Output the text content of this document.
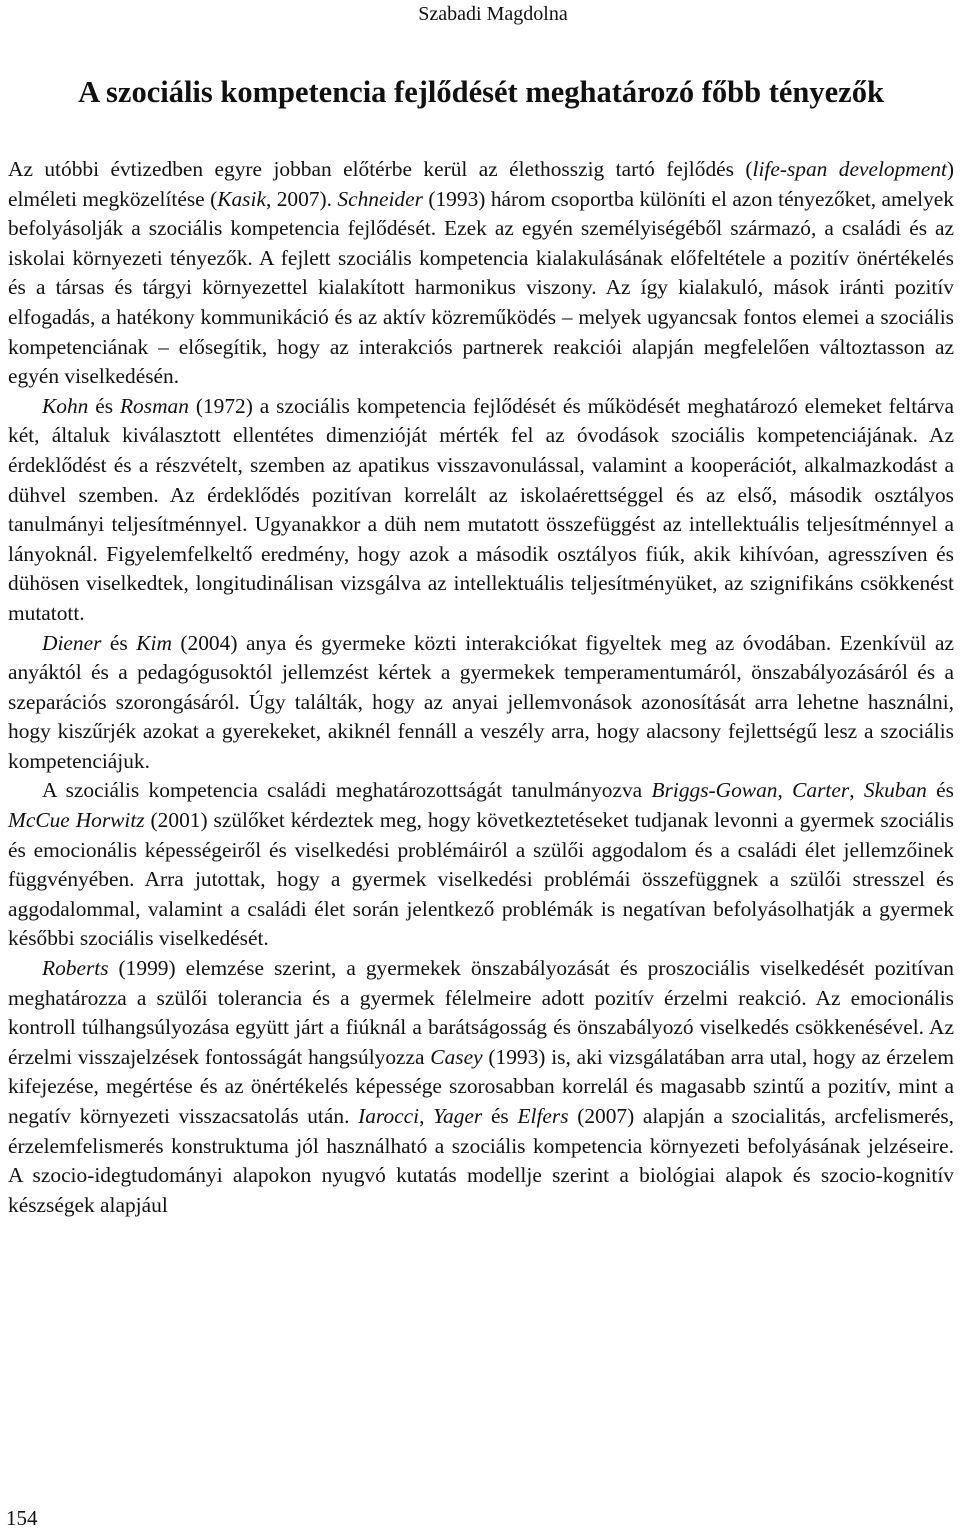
Szabadi Magdolna
A szociális kompetencia fejlődését meghatározó főbb tényezők

Az utóbbi évtizedben egyre jobban előtérbe kerül az élethosszig tartó fejlődés (life-span development) elméleti megközelítése (Kasik, 2007). Schneider (1993) három csoportba különíti el azon tényezőket, amelyek befolyásolják a szociális kompetencia fejlődését. Ezek az egyén személyiségéből származó, a családi és az iskolai környezeti tényezők. A fejlett szociális kompetencia kialakulásának előfeltétele a pozitív önértékelés és a társas és tárgyi környezettel kialakított harmonikus viszony. Az így kialakuló, mások iránti pozitív elfogadás, a hatékony kommunikáció és az aktív közreműködés – melyek ugyancsak fontos elemei a szociális kompetenciának – elősegítik, hogy az interakciós partnerek reakciói alapján megfelelően változtasson az egyén viselkedésén.

Kohn és Rosman (1972) a szociális kompetencia fejlődését és működését meghatározó elemeket feltárva két, általuk kiválasztott ellentétes dimenzióját mérték fel az óvodások szociális kompetenciájának. Az érdeklődést és a részvételt, szemben az apatikus visszavonulással, valamint a kooperációt, alkalmazkodást a dühvel szemben. Az érdeklődés pozitívan korrelált az iskolaérettséggel és az első, második osztályos tanulmányi teljesítménnyel. Ugyanakkor a düh nem mutatott összefüggést az intellektuális teljesítménnyel a lányoknál. Figyelemfelkeltő eredmény, hogy azok a második osztályos fiúk, akik kihívóan, agresszíven és dühösen viselkedtek, longitudinálisan vizsgálva az intellektuális teljesítményüket, az szignifikáns csökkenést mutatott.

Diener és Kim (2004) anya és gyermeke közti interakciókat figyeltek meg az óvodában. Ezenkívül az anyáktól és a pedagógusoktól jellemzést kértek a gyermekek temperamentumáról, önszabályozásáról és a szeparációs szorongásáról. Úgy találták, hogy az anyai jellemvonások azonosítását arra lehetne használni, hogy kiszűrjék azokat a gyerekeket, akiknél fennáll a veszély arra, hogy alacsony fejlettségű lesz a szociális kompetenciájuk.

A szociális kompetencia családi meghatározottságát tanulmányozva Briggs-Gowan, Carter, Skuban és McCue Horwitz (2001) szülőket kérdeztek meg, hogy következtetéseket tudjanak levonni a gyermek szociális és emocionális képességeiről és viselkedési problémáiról a szülői aggodalom és a családi élet jellemzőinek függvényében. Arra jutottak, hogy a gyermek viselkedési problémái összefüggnek a szülői stresszel és aggodalommal, valamint a családi élet során jelentkező problémák is negatívan befolyásolhatják a gyermek későbbi szociális viselkedését.

Roberts (1999) elemzése szerint, a gyermekek önszabályozását és proszociális viselkedését pozitívan meghatározza a szülői tolerancia és a gyermek félelmeire adott pozitív érzelmi reakció. Az emocionális kontroll túlhangsúlyozása együtt járt a fiúknál a barátságosság és önszabályozó viselkedés csökkenésével. Az érzelmi visszajelzések fontosságát hangsúlyozza Casey (1993) is, aki vizsgálatában arra utal, hogy az érzelem kifejezése, megértése és az önértékelés képessége szorosabban korrelál és magasabb szintű a pozitív, mint a negatív környezeti visszacsatolás után. Iarocci, Yager és Elfers (2007) alapján a szocialitás, arcfelismerés, érzelemfelismerés konstruktuma jól használható a szociális kompetencia környezeti befolyásának jelzéseire. A szocio-idegtudományi alapokon nyugvó kutatás modellje szerint a biológiai alapok és szocio-kognitív készségek alapjául

154
